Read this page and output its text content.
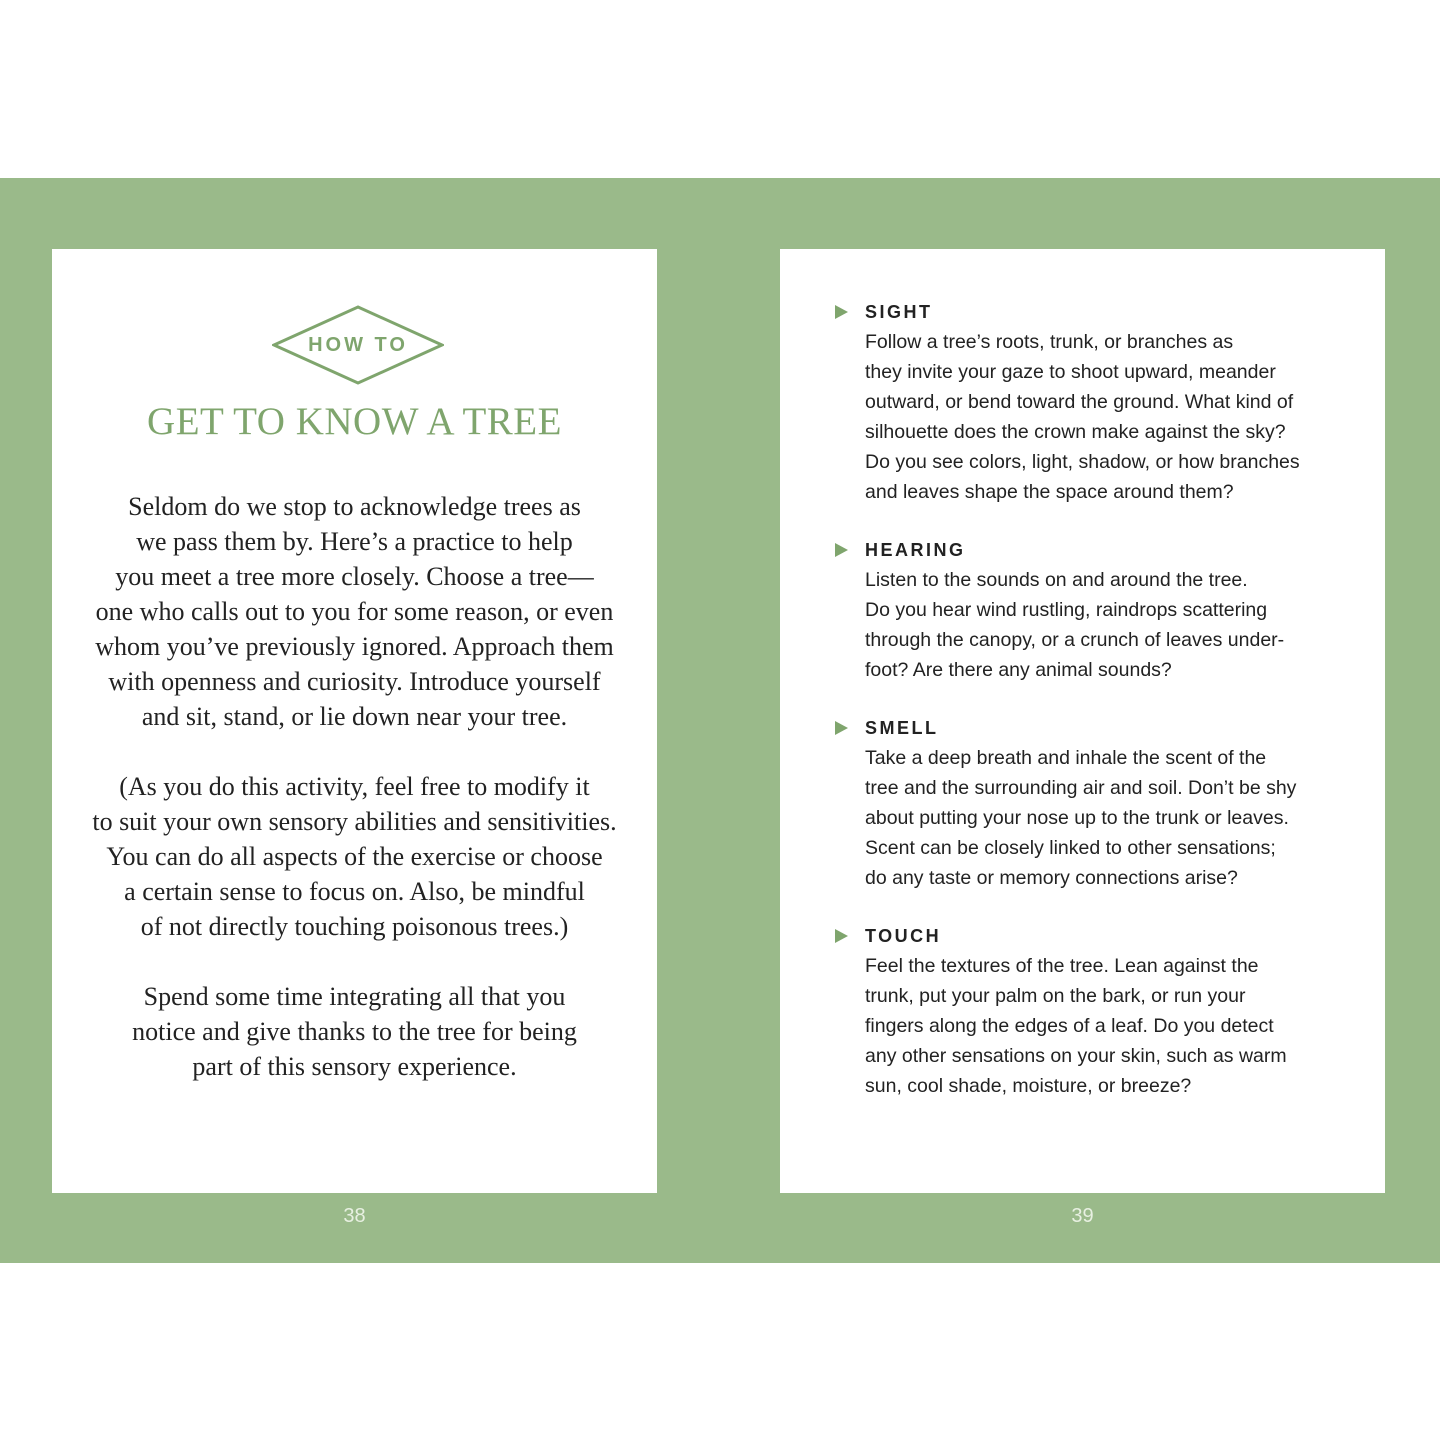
HOW TO
GET TO KNOW A TREE
Seldom do we stop to acknowledge trees as
we pass them by. Here’s a practice to help
you meet a tree more closely. Choose a tree—
one who calls out to you for some reason, or even
whom you’ve previously ignored. Approach them
with openness and curiosity. Introduce yourself
and sit, stand, or lie down near your tree.
(As you do this activity, feel free to modify it
to suit your own sensory abilities and sensitivities.
You can do all aspects of the exercise or choose
a certain sense to focus on. Also, be mindful
of not directly touching poisonous trees.)
Spend some time integrating all that you
notice and give thanks to the tree for being
part of this sensory experience.
SIGHT
Follow a tree’s roots, trunk, or branches as
they invite your gaze to shoot upward, meander
outward, or bend toward the ground. What kind of
silhouette does the crown make against the sky?
Do you see colors, light, shadow, or how branches
and leaves shape the space around them?
HEARING
Listen to the sounds on and around the tree.
Do you hear wind rustling, raindrops scattering
through the canopy, or a crunch of leaves under-
foot? Are there any animal sounds?
SMELL
Take a deep breath and inhale the scent of the
tree and the surrounding air and soil. Don’t be shy
about putting your nose up to the trunk or leaves.
Scent can be closely linked to other sensations;
do any taste or memory connections arise?
TOUCH
Feel the textures of the tree. Lean against the
trunk, put your palm on the bark, or run your
fingers along the edges of a leaf. Do you detect
any other sensations on your skin, such as warm
sun, cool shade, moisture, or breeze?
38	39
